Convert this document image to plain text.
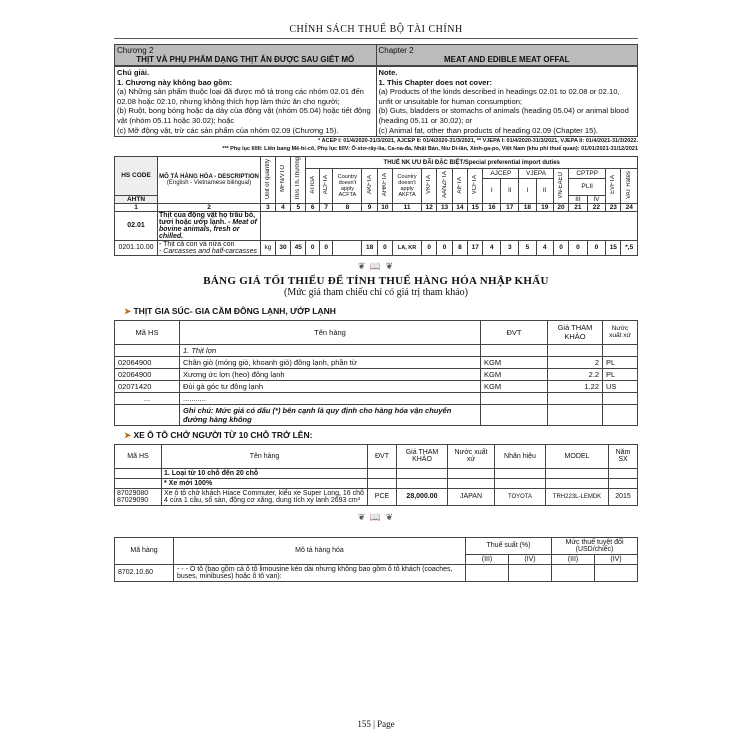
CHÍNH SÁCH THUẾ BỘ TÀI CHÍNH
Chương 2
THỊT VÀ PHỤ PHẨM DẠNG THỊT ĂN ĐƯỢC SAU GIẾT MỔ

Chapter 2
MEAT AND EDIBLE MEAT OFFAL
Chú giải.
1. Chương này không bao gồm:
(a) Những sản phẩm thuộc loại đã được mô tả trong các nhóm 02.01 đến 02.08 hoặc 02.10, nhưng không thích hợp làm thức ăn cho người;
(b) Ruột, bong bóng hoặc dạ dày của động vật (nhóm 05.04) hoặc tiết động vật (nhóm 05.11 hoặc 30.02); hoặc
(c) Mỡ động vật, trừ các sản phẩm của nhóm 02.09 (Chương 15).

Note.
1. This Chapter does not cover:
(a) Products of the kinds described in headings 02.01 to 02.08 or 02.10, unfit or unsuitable for human consumption;
(b) Guts, bladders or stomachs of animals (heading 05.04) or animal blood (heading 05.11 or 30.02); or
(c) Animal fat, other than products of heading 02.09 (Chapter 15).
* ACEP I: 01/4/2020-31/3/2021, AJCEP II: 01/4/2020-31/3/2021, ** VJEPA I: 01/4/2020-31/3/2021, VJEPA II: 01/4/2021-31/3/2022.
*** Phụ lục II/III: Liên bang Mê-hi-cô, Phụ lục II/IV: Ô-xtơ-rây-lia, Ca-na-đa, Nhật Bản, Niu Di-lân, Xinh-ga-po, Việt Nam (khu phi thuế quan): 01/01/2021-31/12/2021
HS CODE	MÔ TẢ HÀNG HÓA - DESCRIPTION
(English - Vietnamese bilingual)	Unit of quantity	MFN/VTO	Th/s Th.Thường	THUẾ NK ƯU ĐÃI ĐẶC BIỆT/Special preferential import duties																		
					ATIGA	ACFTA	Country doesn't apply ACFTA	AKFTA	AHKFTA	Country doesn't apply AKFTA	VKFTA	AANZFTA	AIFTA	VCFTA	AJCEP		VJEPA		VN-EAEU	CPTPP		EVFTA	VAT Rates
															I	II	I	II		PLII			
AHTN																				III	IV		
1	2	3	4	5	6	7	8	9	10	11	12	13	14	15	16	17	18	19	20	21	22	23	24
02.01	Thịt của động vật họ trâu bò, tươi hoặc ướp lạnh. - Meat of bovine animals, fresh or chilled.																						
0201.10.00	- Thịt cả con và nửa con
- Carcasses and half-carcasses	kg	30	45	0	0		18	0	LA, KR	0	0	8	17	4	3	5	4	0	0	0	15	*,5
❦ 📖 ❦
BẢNG GIÁ TỐI THIỂU ĐỂ TÍNH THUẾ HÀNG HÓA NHẬP KHẨU
(Mức giá tham chiếu chỉ có giá trị tham khảo)
➤ THỊT GIA SÚC- GIA CẦM ĐÔNG LẠNH, ƯỚP LẠNH
Mã HS	Tên hàng	ĐVT	Giá THAM KHẢO	Nước xuất xứ
	1. Thịt lợn			
02064900	Chân giò (móng giò, khoanh giò) đông lạnh, phần từ	KGM	2	PL
02064900	Xương ức lợn (heo) đông lạnh	KGM	2.2	PL
02071420	Đùi gà góc tư đông lạnh	KGM	1.22	US
...	...........			
	Ghi chú: Mức giá có dấu (*) bên cạnh là quy định cho hàng hóa vận chuyển đường hàng không			
➤ XE Ô TÔ CHỞ NGƯỜI TỪ 10 CHỖ TRỞ LÊN:
Mã HS	Tên hàng	ĐVT	Giá THAM KHẢO	Nước xuất xứ	Nhãn hiệu	MODEL	Năm SX
	1. Loại từ 10 chỗ đến 20 chỗ						
	* Xe mới 100%						

87029080
87029090	Xe ô tô chở khách Hiace Commuter, kiểu xe Super Long, 16 chỗ 4 cửa 1 cầu, số sàn, động cơ xăng, dung tích xy lanh 2693 cm³	PCE	28,000.00	JAPAN	TOYOTA	TRH223L-LEMDK	2015
❦ 📖 ❦
Mã hàng	Mô tả hàng hóa	Thuế suất (%)		Mức thuế tuyệt đối (USD/chiếc)	
		(III)	(IV)	(III)	(IV)
8702.10.60	- - - Ô tô (bao gồm cả ô tô limousine kéo dài nhưng không bao gồm ô tô khách (coaches, buses, minibuses) hoặc ô tô van):				
155 | Page
